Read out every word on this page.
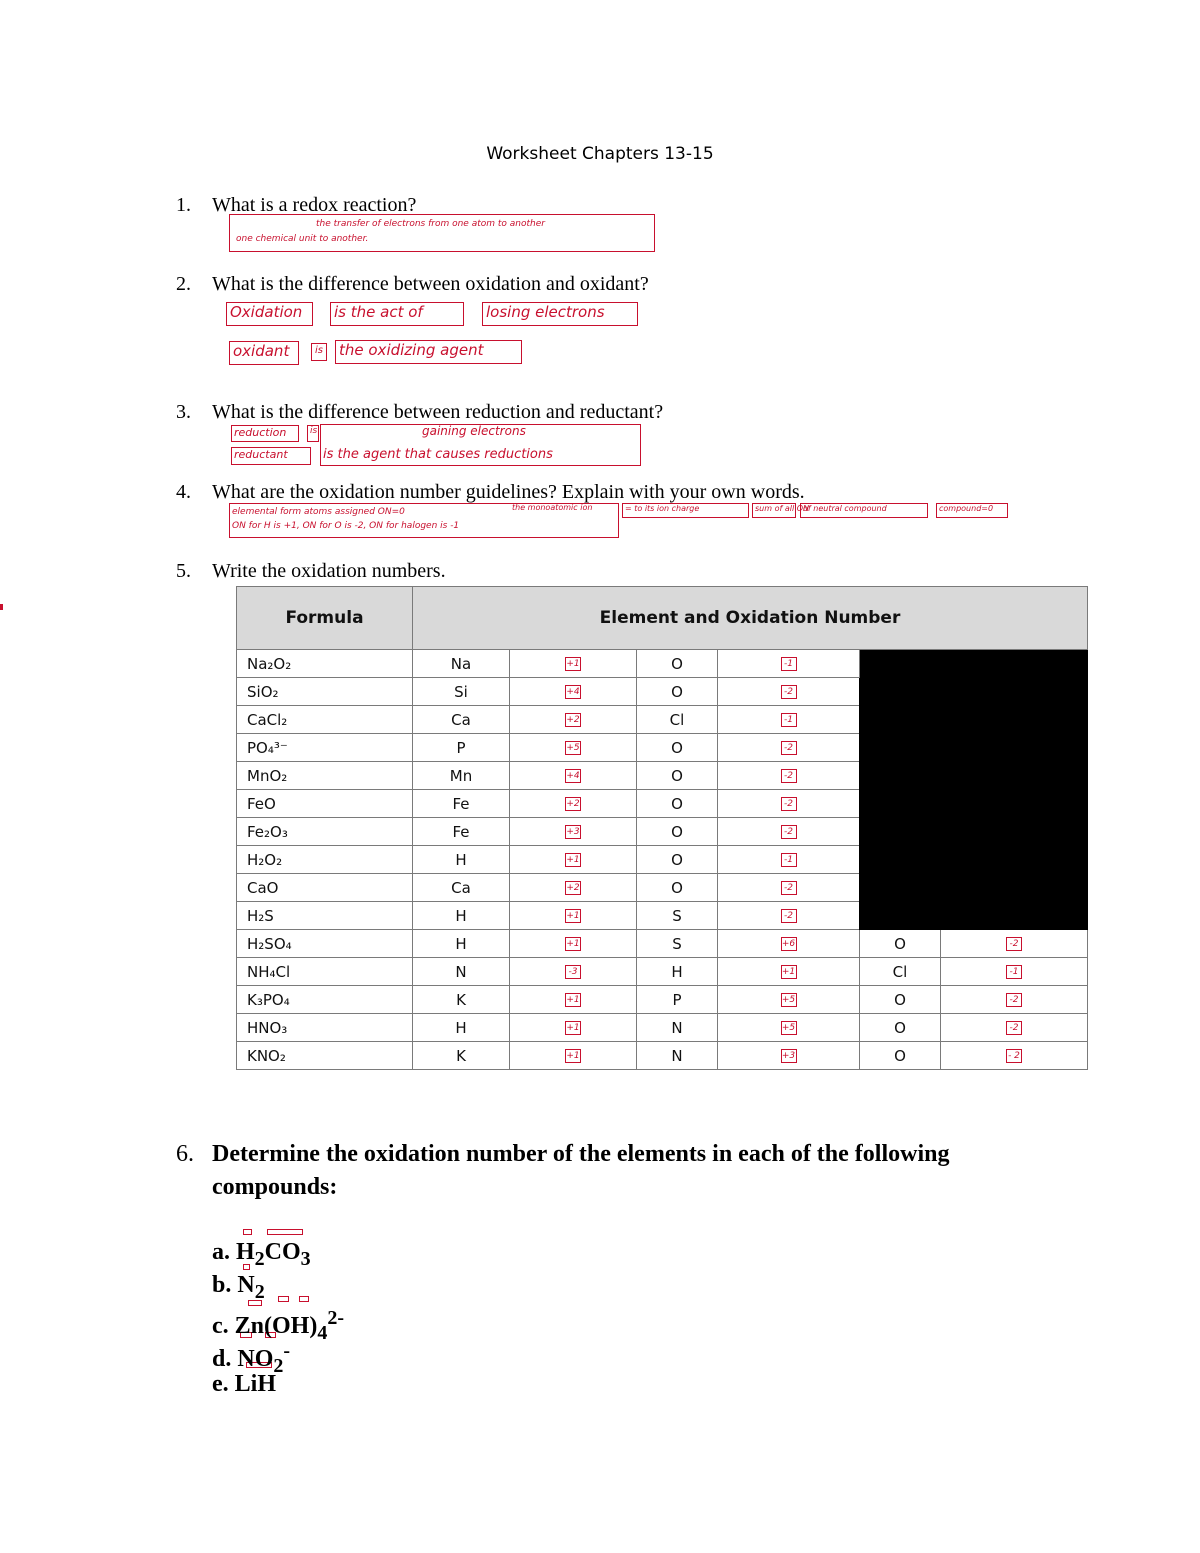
Worksheet Chapters 13-15
1. What is a redox reaction?
the transfer of electrons from one atom to another
one chemical unit to another.
2. What is the difference between oxidation and oxidant?
Oxidation	is the act of	losing electrons
oxidant	is the oxidizing agent
3. What is the difference between reduction and reductant?
reduction	is	gaining electrons
reductant	is the agent that causes reductions
4. What are the oxidation number guidelines? Explain with your own words.
elemental form atoms assigned ON=0
ON for H is +1, ON for O is -2, ON for halogen is -1
the monoatomic ion	= to its ion charge	sum of all ON
of neutral compound	compound=0
5. Write the oxidation numbers.
Formula	Element and Oxidation Number					
Na₂O₂	Na	+1	O	-1		
SiO₂	Si	+4	O	-2		
CaCl₂	Ca	+2	Cl	-1		
PO₄³⁻	P	+5	O	-2		
MnO₂	Mn	+4	O	-2		
FeO	Fe	+2	O	-2		
Fe₂O₃	Fe	+3	O	-2		
H₂O₂	H	+1	O	-1		
CaO	Ca	+2	O	-2		
H₂S	H	+1	S	-2		
H₂SO₄	H	+1	S	+6	O	-2
NH₄Cl	N	-3	H	+1	Cl	-1
K₃PO₄	K	+1	P	+5	O	-2
HNO₃	H	+1	N	+5	O	-2
KNO₂	K	+1	N	+3	O	- 2
6. Determine the oxidation number of the elements in each of the following compounds:
a. $H_2CO_3$
b. $N_2$
c. $Zn(OH)_4^{2-}$
d. $NO_2^-$
e. LiH
